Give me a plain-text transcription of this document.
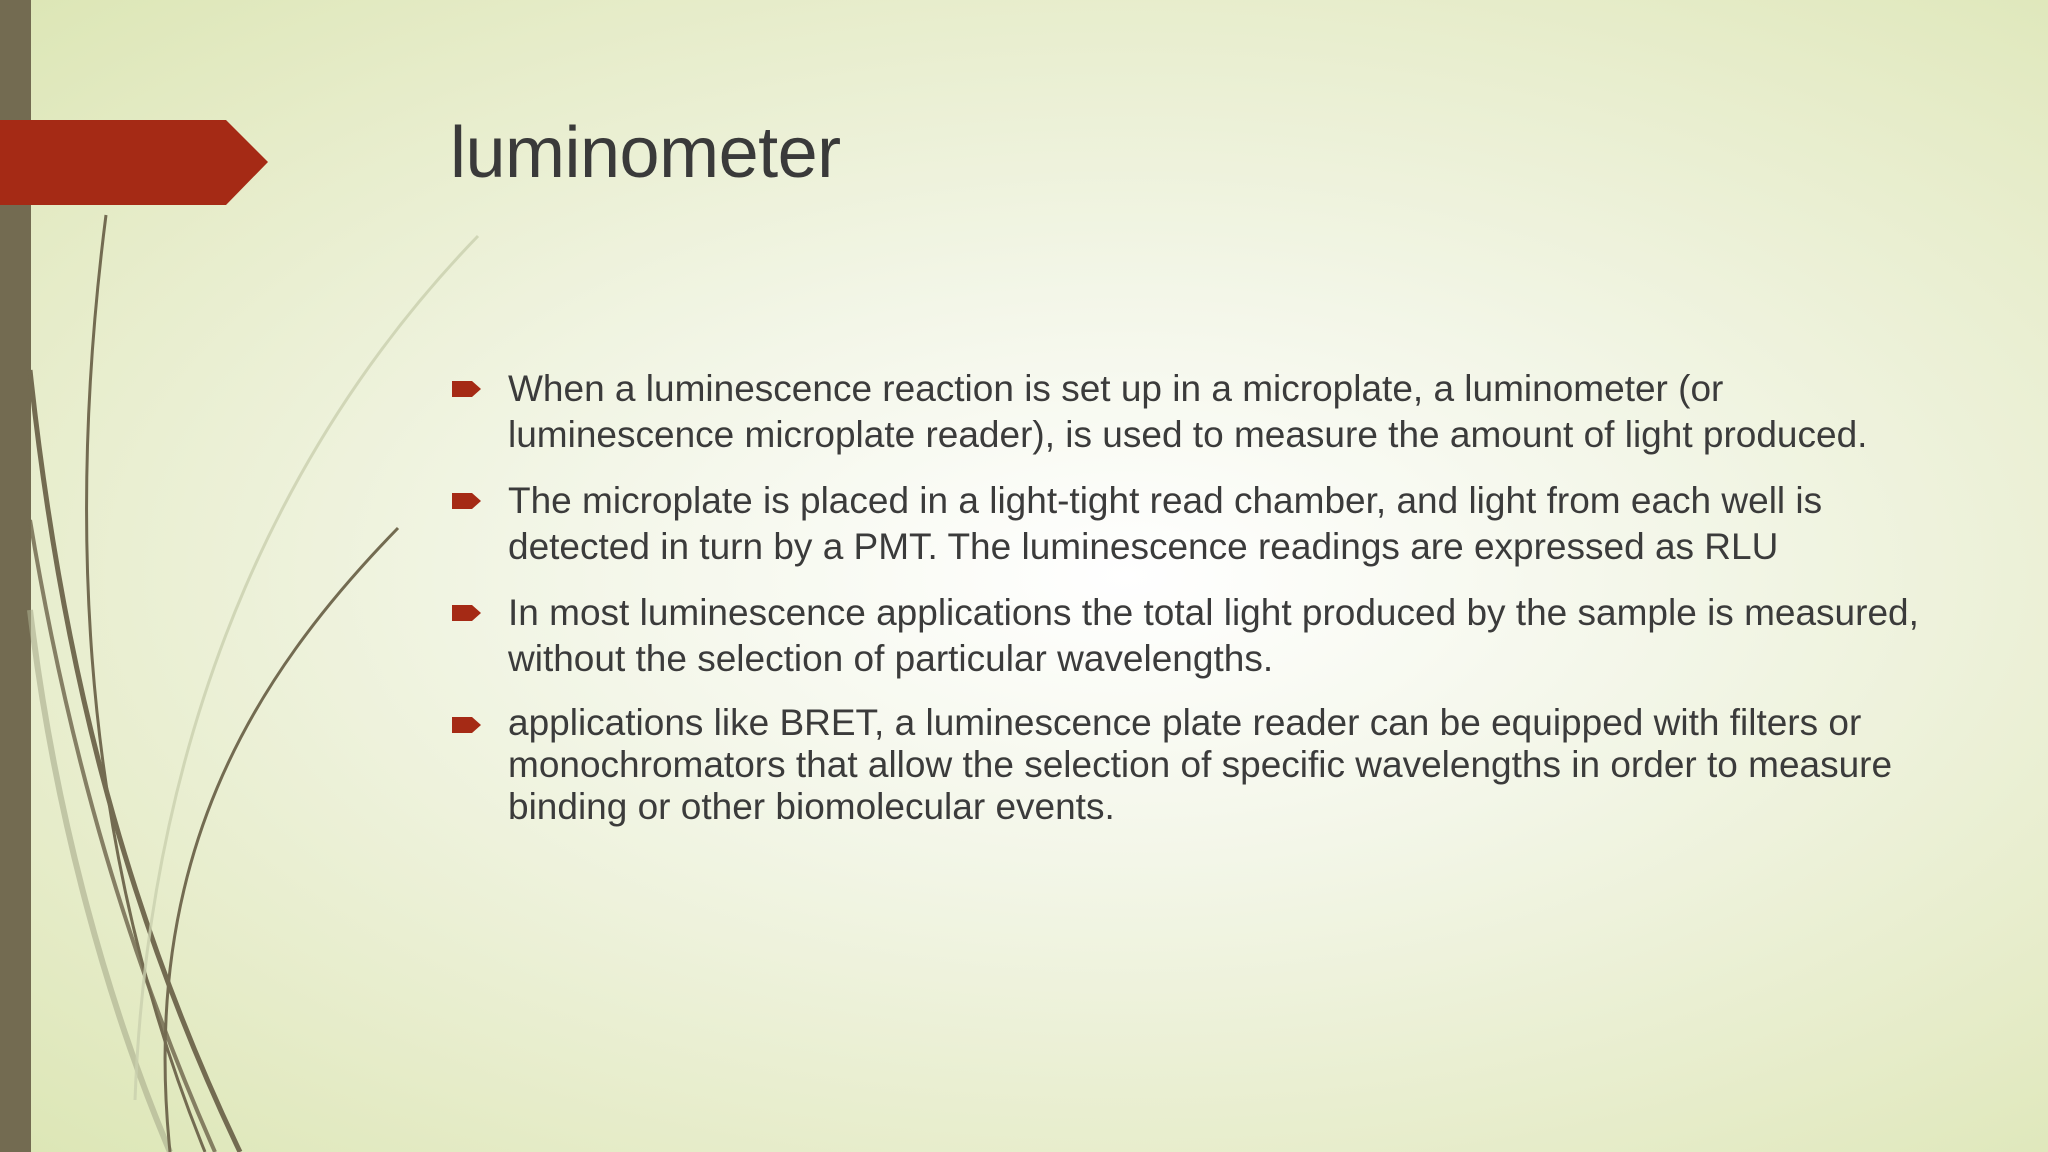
luminometer
When a luminescence reaction is set up in a microplate, a luminometer (or luminescence microplate reader), is used to measure the amount of light produced.
The microplate is placed in a light-tight read chamber, and light from each well is detected in turn by a PMT. The luminescence readings are expressed as RLU
In most luminescence applications the total light produced by the sample is measured, without the selection of particular wavelengths.
applications like BRET, a luminescence plate reader can be equipped with filters or monochromators that allow the selection of specific wavelengths in order to measure binding or other biomolecular events.
